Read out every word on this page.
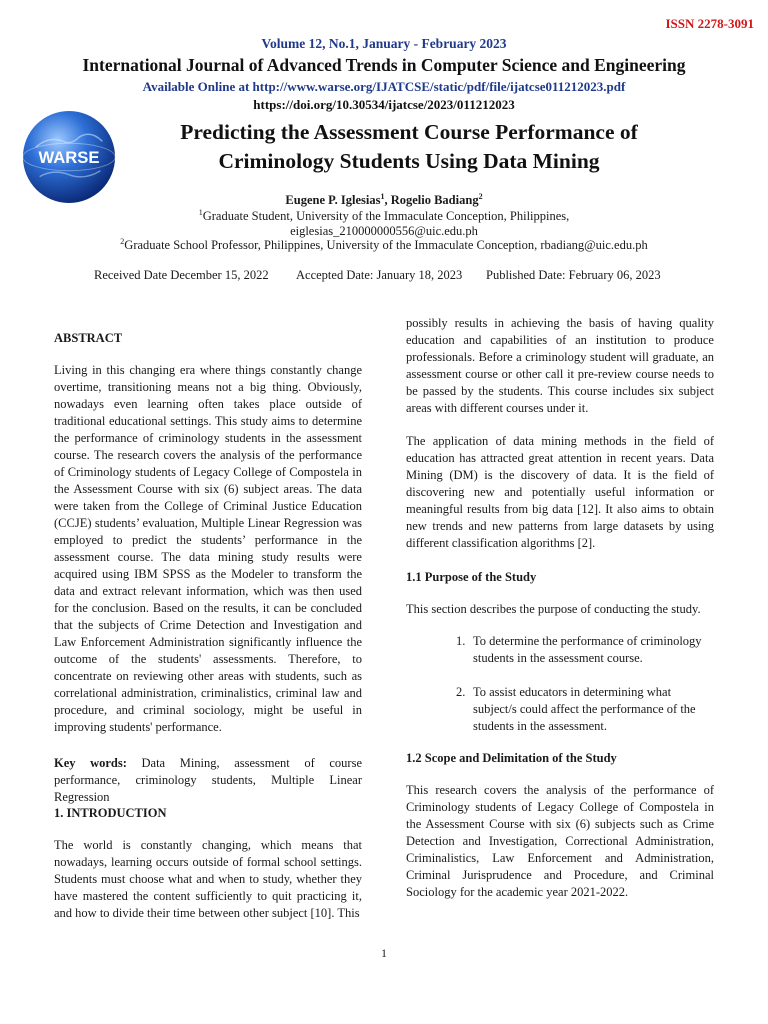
ISSN 2278-3091
Volume 12, No.1, January - February 2023
International Journal of Advanced Trends in Computer Science and Engineering
Available Online at http://www.warse.org/IJATCSE/static/pdf/file/ijatcse011212023.pdf
https://doi.org/10.30534/ijatcse/2023/011212023
WARSE
Predicting the Assessment Course Performance of
Criminology Students Using Data Mining
Eugene P. Iglesias$^1$, Rogelio Badiang$^2$
$^1$Graduate Student, University of the Immaculate Conception, Philippines,
eiglesias_210000000556@uic.edu.ph
$^2$Graduate School Professor, Philippines, University of the Immaculate Conception, rbadiang@uic.edu.ph
Received Date December 15, 2022 Accepted Date: January 18, 2023 Published Date: February 06, 2023
ABSTRACT

Living in this changing era where things constantly change overtime, transitioning means not a big thing. Obviously, nowadays even learning often takes place outside of traditional educational settings. This study aims to determine the performance of criminology students in the assessment course. The research covers the analysis of the performance of Criminology students of Legacy College of Compostela in the Assessment Course with six (6) subject areas. The data were taken from the College of Criminal Justice Education (CCJE) students’ evaluation, Multiple Linear Regression was employed to predict the students’ performance in the assessment course. The data mining study results were acquired using IBM SPSS as the Modeler to transform the data and extract relevant information, which was then used for the conclusion. Based on the results, it can be concluded that the subjects of Crime Detection and Investigation and Law Enforcement Administration significantly influence the outcome of the students' assessments. Therefore, to concentrate on reviewing other areas with students, such as correlational administration, criminalistics, criminal law and procedure, and criminal sociology, might be useful in improving students' performance.

Key words: Data Mining, assessment of course performance, criminology students, Multiple Linear Regression

1. INTRODUCTION

The world is constantly changing, which means that nowadays, learning occurs outside of formal school settings. Students must choose what and when to study, whether they have mastered the content sufficiently to quit practicing it, and how to divide their time between other subject [10]. This

possibly results in achieving the basis of having quality education and capabilities of an institution to produce professionals. Before a criminology student will graduate, an assessment course or other call it pre-review course needs to be passed by the students. This course includes six subject areas with different courses under it.

The application of data mining methods in the field of education has attracted great attention in recent years. Data Mining (DM) is the discovery of data. It is the field of discovering new and potentially useful information or meaningful results from big data [12]. It also aims to obtain new trends and new patterns from large datasets by using different classification algorithms [2].

1.1 Purpose of the Study

This section describes the purpose of conducting the study.

1. To determine the performance of criminology students in the assessment course.
2. To assist educators in determining what subject/s could affect the performance of the students in the assessment.
1.2 Scope and Delimitation of the Study

This research covers the analysis of the performance of Criminology students of Legacy College of Compostela in the Assessment Course with six (6) subjects such as Crime Detection and Investigation, Correctional Administration, Criminalistics, Law Enforcement and Administration, Criminal Jurisprudence and Procedure, and Criminal Sociology for the academic year 2021-2022.

1
